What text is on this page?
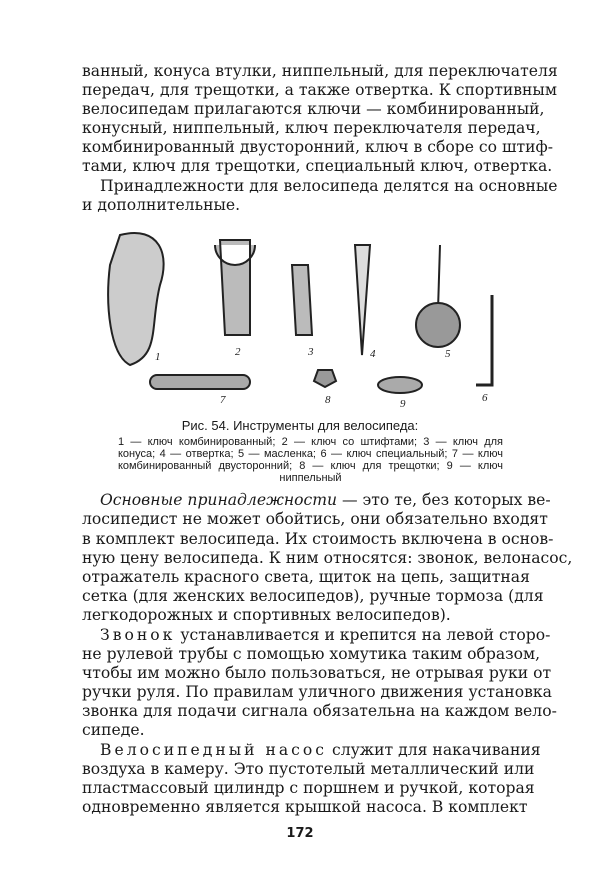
ванный, конуса втулки, ниппельный, для переключателя
передач, для трещотки, а также отвертка. К спортивным
велосипедам прилагаются ключи — комбинированный,
конусный, ниппельный, ключ переключателя передач,
комбинированный двусторонний, ключ в сборе со штиф-
тами, ключ для трещотки, специальный ключ, отвертка.
Принадлежности для велосипеда делятся на основные
и дополнительные.
1	2	3	4	5
6
7	8	9
Рис. 54. Инструменты для велосипеда:
1 — ключ комбинированный; 2 — ключ со штифтами; 3 — ключ для
конуса; 4 — отвертка; 5 — масленка; 6 — ключ специальный; 7 — ключ
комбинированный двусторонний; 8 — ключ для трещотки; 9 — ключ
ниппельный
Основные принадлежности — это те, без которых ве-
лосипедист не может обойтись, они обязательно входят
в комплект велосипеда. Их стоимость включена в основ-
ную цену велосипеда. К ним относятся: звонок, велонасос,
отражатель красного света, щиток на цепь, защитная
сетка (для женских велосипедов), ручные тормоза (для
легкодорожных и спортивных велосипедов).
Звонок устанавливается и крепится на левой сторо-
не рулевой трубы с помощью хомутика таким образом,
чтобы им можно было пользоваться, не отрывая руки от
ручки руля. По правилам уличного движения установка
звонка для подачи сигнала обязательна на каждом вело-
сипеде.
Велосипедный насос служит для накачивания
воздуха в камеру. Это пустотелый металлический или
пластмассовый цилиндр с поршнем и ручкой, которая
одновременно является крышкой насоса. В комплект
172
